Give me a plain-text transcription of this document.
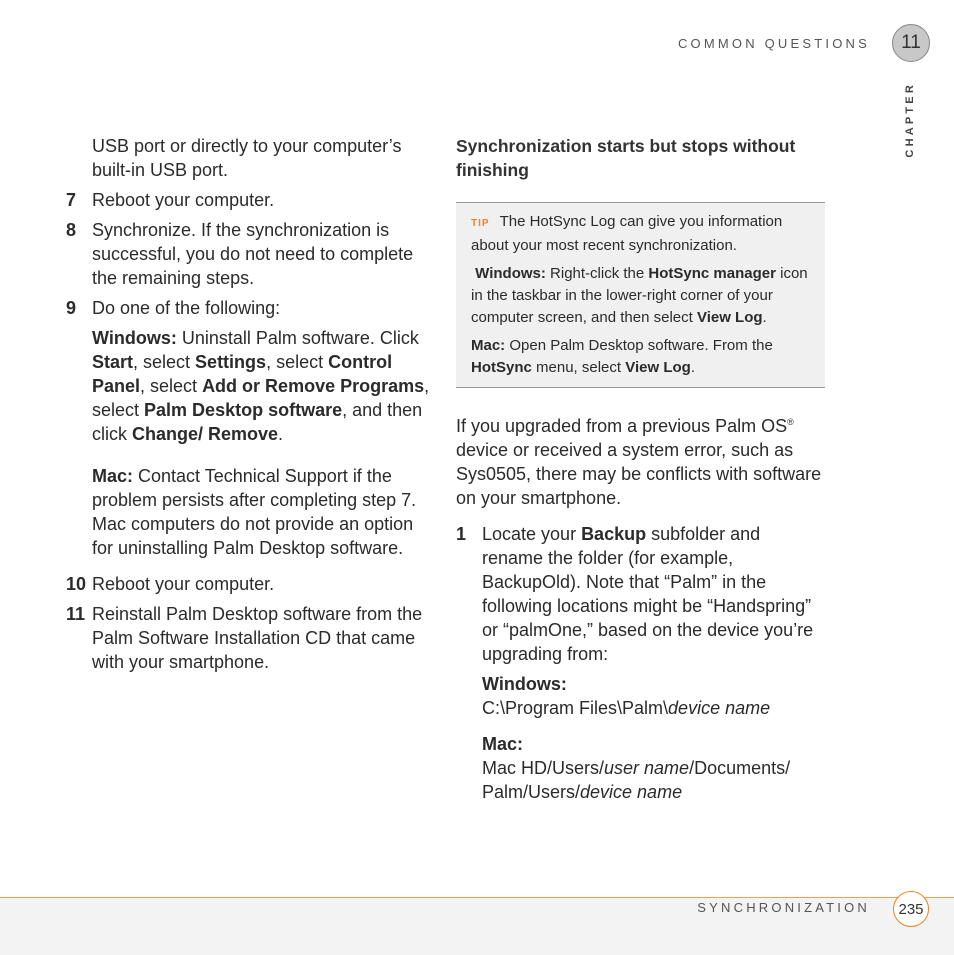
COMMON QUESTIONS	11
CHAPTER

USB port or directly to your computer’s built-in USB port.

7 Reboot your computer.
8 Synchronize. If the synchronization is successful, you do not need to complete the remaining steps.
9 Do one of the following:

Windows: Uninstall Palm software. Click Start, select Settings, select Control Panel, select Add or Remove Programs, select Palm Desktop software, and then click Change/ Remove.

Mac: Contact Technical Support if the problem persists after completing step 7. Mac computers do not provide an option for uninstalling Palm Desktop software.

10 Reboot your computer.
11 Reinstall Palm Desktop software from the Palm Software Installation CD that came with your smartphone.
Synchronization starts but stops without finishing

TIP The HotSync Log can give you information about your most recent synchronization.

Windows: Right-click the HotSync manager icon in the taskbar in the lower-right corner of your computer screen, and then select View Log.

Mac: Open Palm Desktop software. From the HotSync menu, select View Log.

If you upgraded from a previous Palm OS® device or received a system error, such as Sys0505, there may be conflicts with software on your smartphone.

1 Locate your Backup subfolder and rename the folder (for example, BackupOld). Note that “Palm” in the following locations might be “Handspring” or “palmOne,” based on the device you’re upgrading from:

Windows:

C:\Program Files\Palm\device name

Mac:

Mac HD/Users/user name/Documents/ Palm/Users/device name

SYNCHRONIZATION	235
